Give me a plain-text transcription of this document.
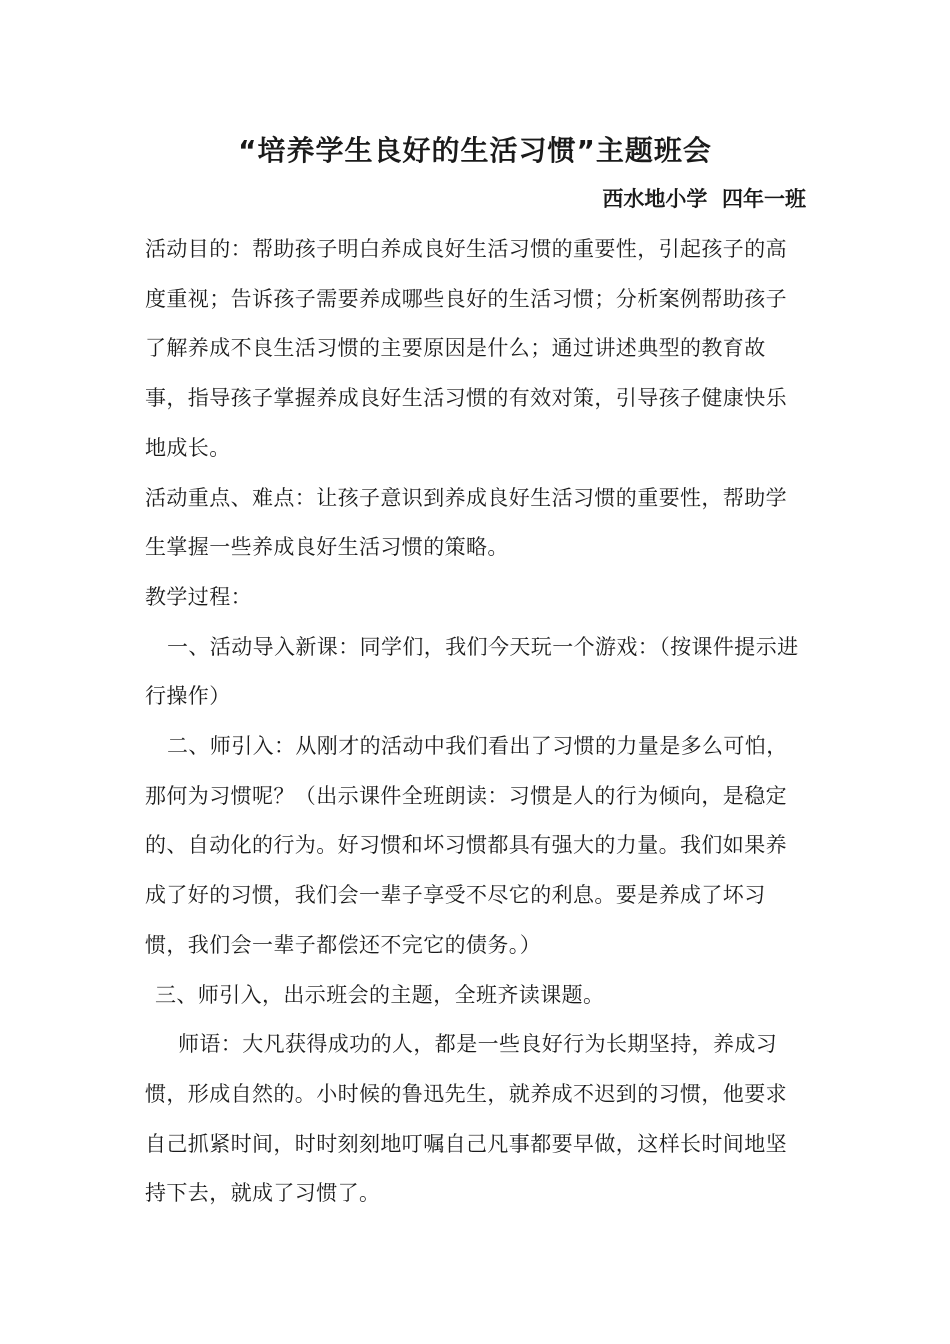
“培养学生良好的生活习惯”主题班会
西水地小学  四年一班

活动目的：帮助孩子明白养成良好生活习惯的重要性，引起孩子的高度重视；告诉孩子需要养成哪些良好的生活习惯；分析案例帮助孩子了解养成不良生活习惯的主要原因是什么；通过讲述典型的教育故事，指导孩子掌握养成良好生活习惯的有效对策，引导孩子健康快乐地成长。

活动重点、难点：让孩子意识到养成良好生活习惯的重要性，帮助学生掌握一些养成良好生活习惯的策略。

教学过程：

一、活动导入新课：同学们，我们今天玩一个游戏：（按课件提示进行操作）

二、师引入：从刚才的活动中我们看出了习惯的力量是多么可怕，那何为习惯呢？（出示课件全班朗读：习惯是人的行为倾向，是稳定的、自动化的行为。好习惯和坏习惯都具有强大的力量。我们如果养成了好的习惯，我们会一辈子享受不尽它的利息。要是养成了坏习惯，我们会一辈子都偿还不完它的债务。）

三、师引入，出示班会的主题，全班齐读课题。

师语：大凡获得成功的人，都是一些良好行为长期坚持，养成习惯，形成自然的。小时候的鲁迅先生，就养成不迟到的习惯，他要求自己抓紧时间，时时刻刻地叮嘱自己凡事都要早做，这样长时间地坚持下去，就成了习惯了。
